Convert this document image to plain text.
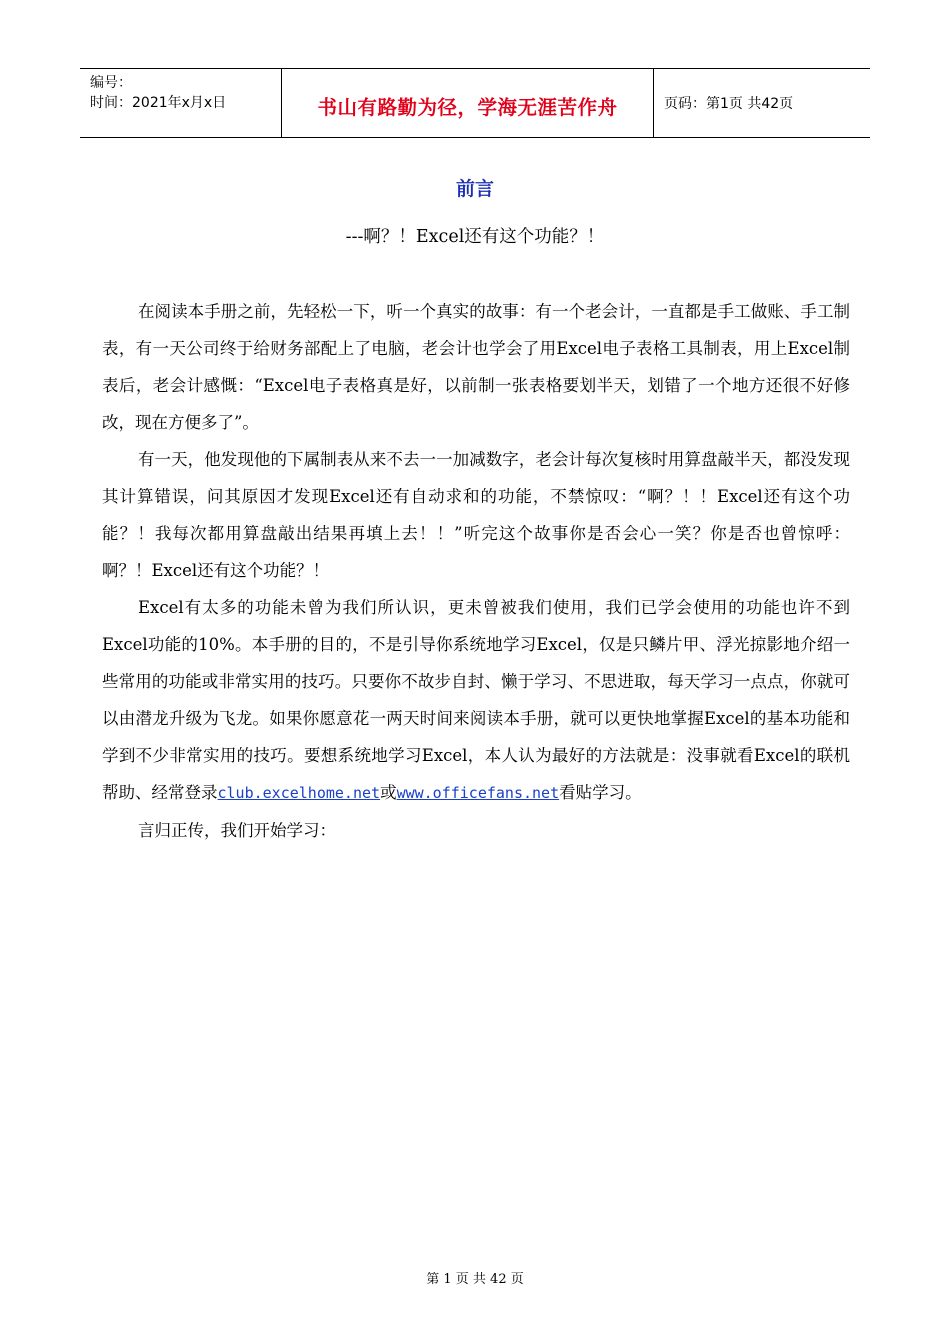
编号：
时间：2021年x月x日	书山有路勤为径，学海无涯苦作舟	页码：第1页 共42页
前言
---啊？！Excel还有这个功能？！

在阅读本手册之前，先轻松一下，听一个真实的故事：有一个老会计，一直都是手工做账、手工制表，有一天公司终于给财务部配上了电脑，老会计也学会了用Excel电子表格工具制表，用上Excel制表后，老会计感慨：“Excel电子表格真是好，以前制一张表格要划半天，划错了一个地方还很不好修改，现在方便多了”。

有一天，他发现他的下属制表从来不去一一加减数字，老会计每次复核时用算盘敲半天，都没发现其计算错误，问其原因才发现Excel还有自动求和的功能，不禁惊叹：“啊？！！Excel还有这个功能？！我每次都用算盘敲出结果再填上去！！”听完这个故事你是否会心一笑？你是否也曾惊呼：啊？！Excel还有这个功能？！

Excel有太多的功能未曾为我们所认识，更未曾被我们使用，我们已学会使用的功能也许不到Excel功能的10%。本手册的目的，不是引导你系统地学习Excel，仅是只鳞片甲、浮光掠影地介绍一些常用的功能或非常实用的技巧。只要你不故步自封、懒于学习、不思进取，每天学习一点点，你就可以由潜龙升级为飞龙。如果你愿意花一两天时间来阅读本手册，就可以更快地掌握Excel的基本功能和学到不少非常实用的技巧。要想系统地学习Excel，本人认为最好的方法就是：没事就看Excel的联机帮助、经常登录club.excelhome.net或www.officefans.net看贴学习。

言归正传，我们开始学习：

第 1 页 共 42 页
